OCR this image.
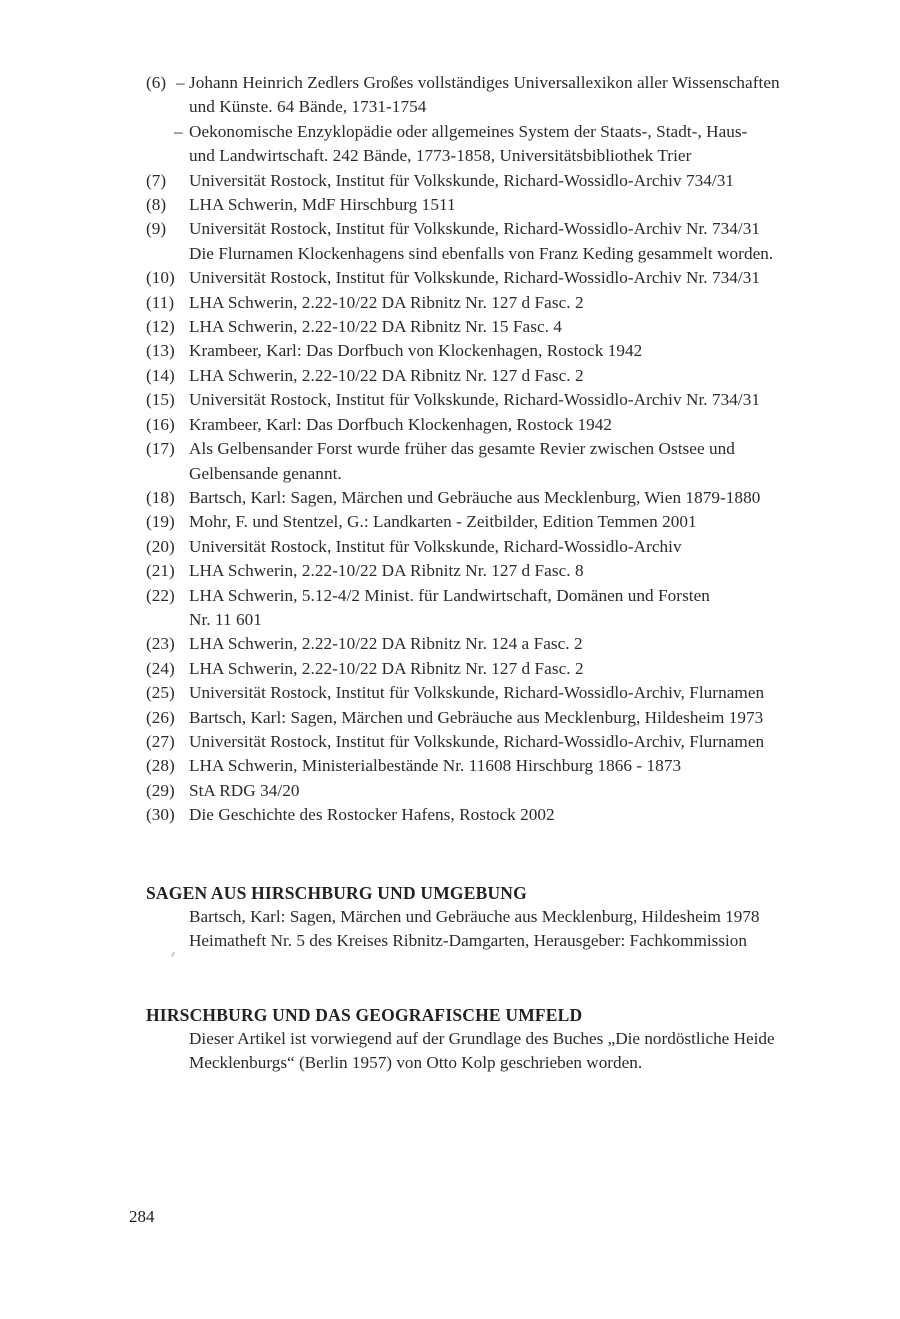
(6) – Johann Heinrich Zedlers Großes vollständiges Universallexikon aller Wissenschaften
und Künste. 64 Bände, 1731-1754
– Oekonomische Enzyklopädie oder allgemeines System der Staats-, Stadt-, Haus-
und Landwirtschaft. 242 Bände, 1773-1858, Universitätsbibliothek Trier
(7) Universität Rostock, Institut für Volkskunde, Richard-Wossidlo-Archiv 734/31
(8) LHA Schwerin, MdF Hirschburg 1511
(9) Universität Rostock, Institut für Volkskunde, Richard-Wossidlo-Archiv Nr. 734/31
Die Flurnamen Klockenhagens sind ebenfalls von Franz Keding gesammelt worden.
(10) Universität Rostock, Institut für Volkskunde, Richard-Wossidlo-Archiv Nr. 734/31
(11) LHA Schwerin, 2.22-10/22 DA Ribnitz Nr. 127 d Fasc. 2
(12) LHA Schwerin, 2.22-10/22 DA Ribnitz Nr. 15 Fasc. 4
(13) Krambeer, Karl: Das Dorfbuch von Klockenhagen, Rostock 1942
(14) LHA Schwerin, 2.22-10/22 DA Ribnitz Nr. 127 d Fasc. 2
(15) Universität Rostock, Institut für Volkskunde, Richard-Wossidlo-Archiv Nr. 734/31
(16) Krambeer, Karl: Das Dorfbuch Klockenhagen, Rostock 1942
(17) Als Gelbensander Forst wurde früher das gesamte Revier zwischen Ostsee und
Gelbensande genannt.
(18) Bartsch, Karl: Sagen, Märchen und Gebräuche aus Mecklenburg, Wien 1879-1880
(19) Mohr, F. und Stentzel, G.: Landkarten - Zeitbilder, Edition Temmen 2001
(20) Universität Rostock, Institut für Volkskunde, Richard-Wossidlo-Archiv
(21) LHA Schwerin, 2.22-10/22 DA Ribnitz Nr. 127 d Fasc. 8
(22) LHA Schwerin, 5.12-4/2 Minist. für Landwirtschaft, Domänen und Forsten
Nr. 11 601
(23) LHA Schwerin, 2.22-10/22 DA Ribnitz Nr. 124 a Fasc. 2
(24) LHA Schwerin, 2.22-10/22 DA Ribnitz Nr. 127 d Fasc. 2
(25) Universität Rostock, Institut für Volkskunde, Richard-Wossidlo-Archiv, Flurnamen
(26) Bartsch, Karl: Sagen, Märchen und Gebräuche aus Mecklenburg, Hildesheim 1973
(27) Universität Rostock, Institut für Volkskunde, Richard-Wossidlo-Archiv, Flurnamen
(28) LHA Schwerin, Ministerialbestände Nr. 11608 Hirschburg 1866 - 1873
(29) StA RDG 34/20
(30) Die Geschichte des Rostocker Hafens, Rostock 2002
SAGEN AUS HIRSCHBURG UND UMGEBUNG
Bartsch, Karl: Sagen, Märchen und Gebräuche aus Mecklenburg, Hildesheim 1978
Heimatheft Nr. 5 des Kreises Ribnitz-Damgarten, Herausgeber: Fachkommission
HIRSCHBURG UND DAS GEOGRAFISCHE UMFELD
Dieser Artikel ist vorwiegend auf der Grundlage des Buches „Die nordöstliche Heide
Mecklenburgs“ (Berlin 1957) von Otto Kolp geschrieben worden.
284
